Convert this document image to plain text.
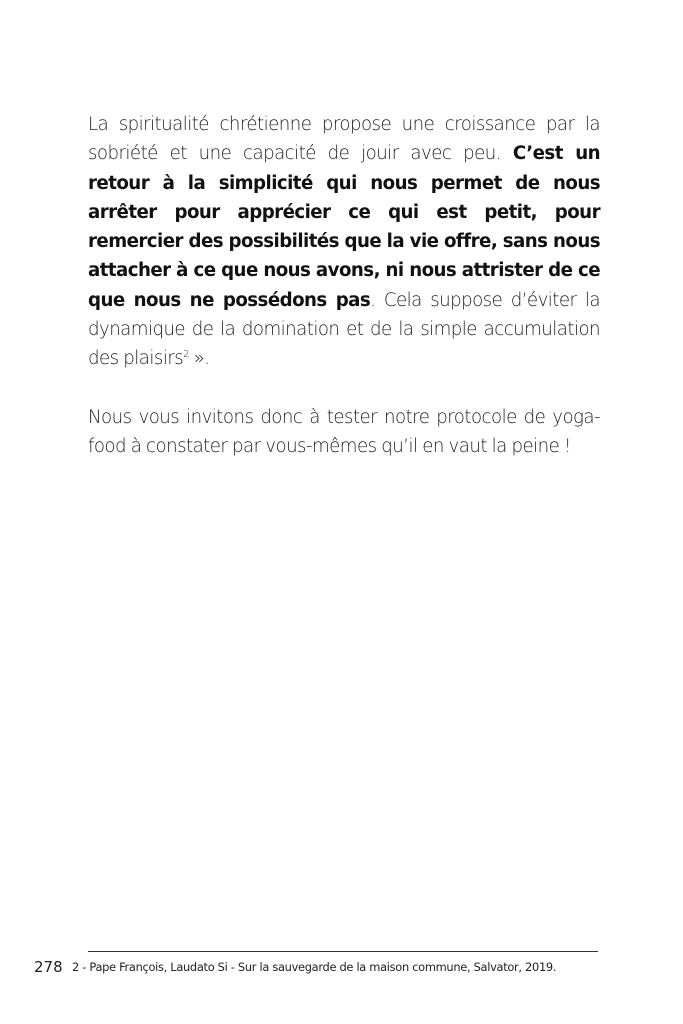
La spiritualité chrétienne propose une croissance par la sobriété et une capacité de jouir avec peu. C’est un retour à la simplicité qui nous permet de nous arrêter pour apprécier ce qui est petit, pour remercier des possibilités que la vie offre, sans nous attacher à ce que nous avons, ni nous attrister de ce que nous ne possédons pas. Cela suppose d’éviter la dynamique de la domination et de la simple accumulation des plaisirs$^2$ ».

Nous vous invitons donc à tester notre protocole de yoga-food à constater par vous-mêmes qu’il en vaut la peine !

278 2 - Pape François, Laudato Si - Sur la sauvegarde de la maison commune, Salvator, 2019.
